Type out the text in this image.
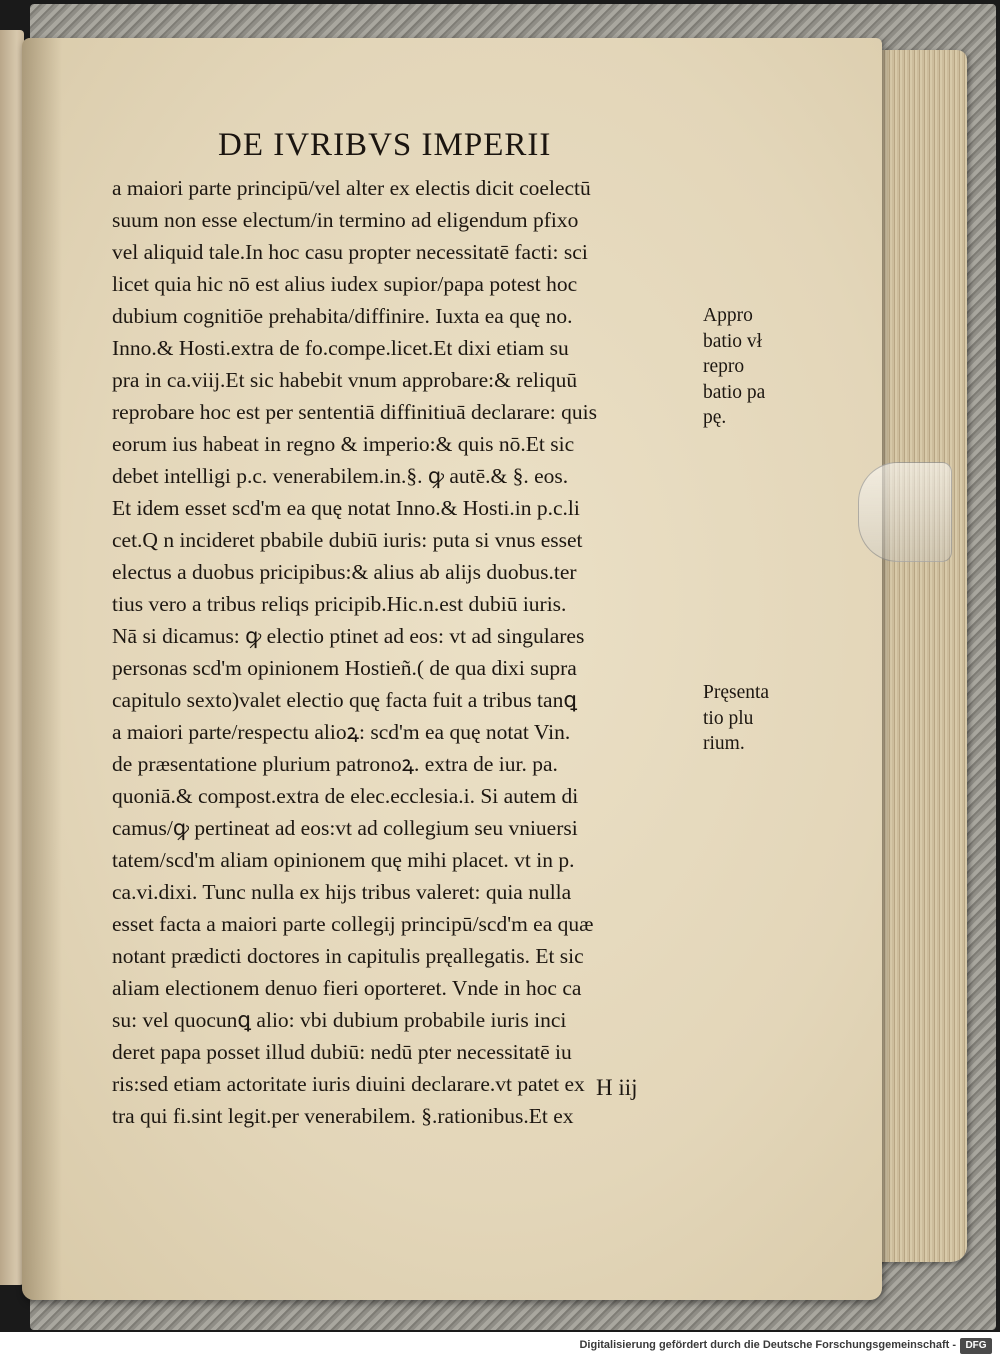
DE IVRIBVS IMPERII
a maiori parte principū/vel alter ex electis dicit coelectū
suum non esse electum/in termino ad eligendum pfixo
vel aliquid tale.In hoc casu propter necessitatē facti: sci
licet quia hic nō est alius iudex supior/papa potest hoc
dubium cognitiōe prehabita/diffinire. Iuxta ea quę no.
Inno.& Hosti.extra de fo.compe.licet.Et dixi etiam su
pra in ca.viij.Et sic habebit vnum approbare:& reliquū
reprobare hoc est per sententiā diffinitiuā declarare: quis
eorum ius habeat in regno & imperio:& quis nō.Et sic
debet intelligi p.c. venerabilem.in.§. ꝙ autē.& §. eos.
Et idem esset scd'm ea quę notat Inno.& Hosti.in p.c.li
cet.Q n incideret pbabile dubiū iuris: puta si vnus esset
electus a duobus pricipibus:& alius ab alijs duobus.ter
tius vero a tribus reliqs pricipib.Hic.n.est dubiū iuris.
Nā si dicamus: ꝙ electio ptinet ad eos: vt ad singulares
personas scd'm opinionem Hostieñ.( de qua dixi supra
capitulo sexto)valet electio quę facta fuit a tribus tanꝗ
a maiori parte/respectu alioꝝ: scd'm ea quę notat Vin.
de præsentatione plurium patronoꝝ. extra de iur. pa.
quoniā.& compost.extra de elec.ecclesia.i. Si autem di
camus/ꝙ pertineat ad eos:vt ad collegium seu vniuersi
tatem/scd'm aliam opinionem quę mihi placet. vt in p.
ca.vi.dixi. Tunc nulla ex hijs tribus valeret: quia nulla
esset facta a maiori parte collegij principū/scd'm ea quæ
notant prædicti doctores in capitulis pręallegatis. Et sic
aliam electionem denuo fieri oporteret. Vnde in hoc ca
su: vel quocunꝗ alio: vbi dubium probabile iuris inci
deret papa posset illud dubiū: nedū pter necessitatē iu
ris:sed etiam actoritate iuris diuini declarare.vt patet ex
tra qui fi.sint legit.per venerabilem. §.rationibus.Et ex
Appro
batio vł
repro
batio pa
pę.
Pręsenta
tio plu
rium.
H iij
Digitalisierung gefördert durch die Deutsche Forschungsgemeinschaft - DFG
